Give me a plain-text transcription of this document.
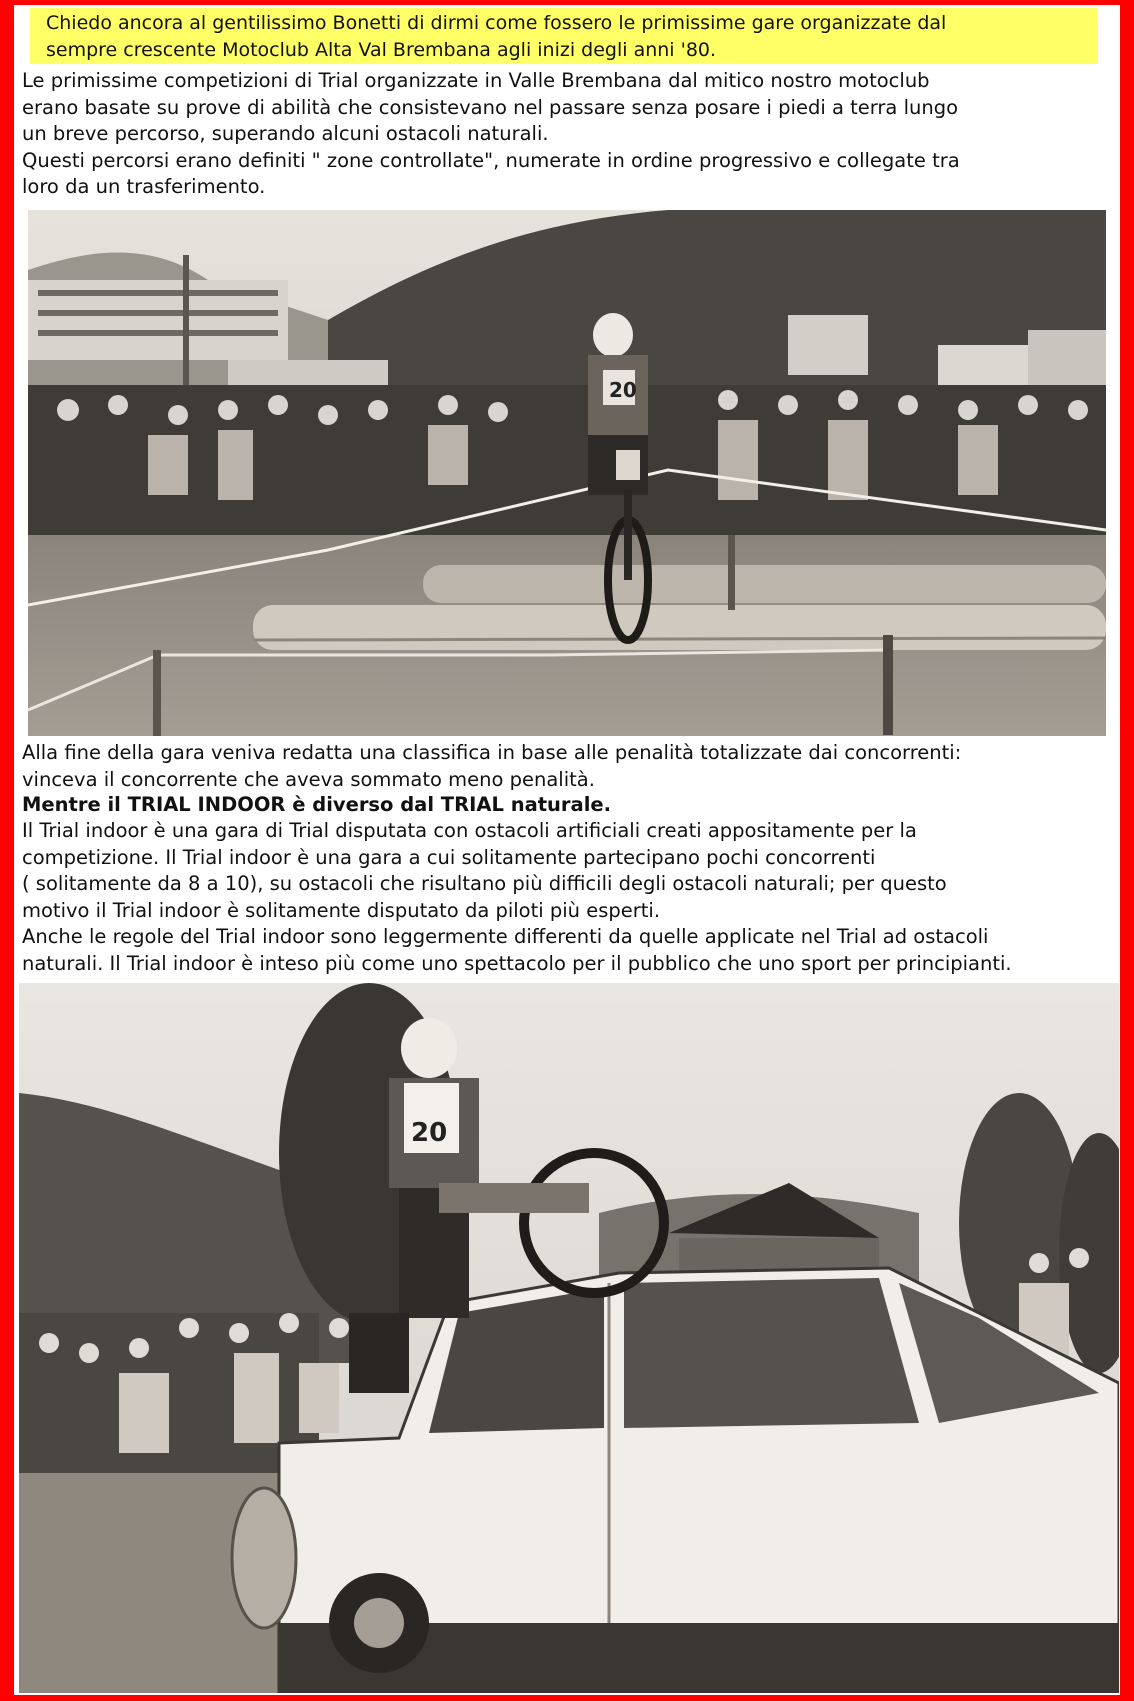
Chiedo ancora al gentilissimo Bonetti di dirmi come fossero le primissime gare organizzate dal
sempre crescente Motoclub Alta Val Brembana agli inizi degli anni '80.
Le primissime competizioni di Trial organizzate in Valle Brembana dal mitico nostro motoclub
erano basate su prove di abilità che consistevano nel passare senza posare i piedi a terra lungo
un breve percorso, superando alcuni ostacoli naturali.
Questi percorsi erano definiti " zone controllate", numerate in ordine progressivo e collegate tra
loro da un trasferimento.
20
Alla fine della gara veniva redatta una classifica in base alle penalità totalizzate dai concorrenti:
vinceva il concorrente che aveva sommato meno penalità.
Mentre il TRIAL INDOOR è diverso dal TRIAL naturale.
Il Trial indoor è una gara di Trial disputata con ostacoli artificiali creati appositamente per la
competizione. Il Trial indoor è una gara a cui solitamente partecipano pochi concorrenti
( solitamente da 8 a 10), su ostacoli che risultano più difficili degli ostacoli naturali; per questo
motivo il Trial indoor è solitamente disputato da piloti più esperti.
Anche le regole del Trial indoor sono leggermente differenti da quelle applicate nel Trial ad ostacoli
naturali. Il Trial indoor è inteso più come uno spettacolo per il pubblico che uno sport per principianti.
20
